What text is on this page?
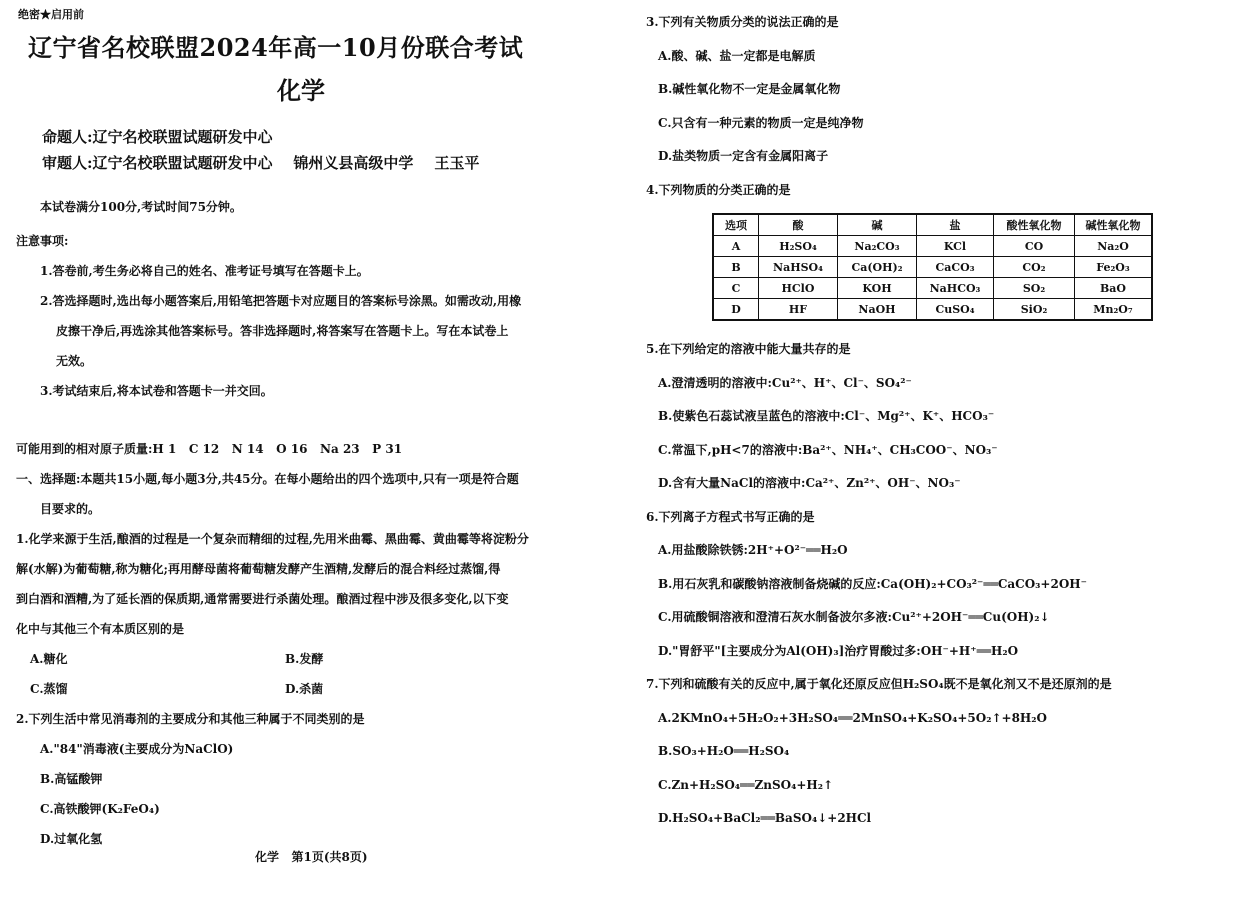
绝密★启用前
辽宁省名校联盟2024年高一10月份联合考试
化学
命题人:辽宁名校联盟试题研发中心
审题人:辽宁名校联盟试题研发中心    锦州义县高级中学    王玉平
本试卷满分100分,考试时间75分钟。
注意事项:
1.答卷前,考生务必将自己的姓名、准考证号填写在答题卡上。
2.答选择题时,选出每小题答案后,用铅笔把答题卡对应题目的答案标号涂黑。如需改动,用橡
皮擦干净后,再选涂其他答案标号。答非选择题时,将答案写在答题卡上。写在本试卷上
无效。
3.考试结束后,将本试卷和答题卡一并交回。
可能用到的相对原子质量:H 1   C 12   N 14   O 16   Na 23   P 31
一、选择题:本题共15小题,每小题3分,共45分。在每小题给出的四个选项中,只有一项是符合题
目要求的。
1.化学来源于生活,酿酒的过程是一个复杂而精细的过程,先用米曲霉、黑曲霉、黄曲霉等将淀粉分
解(水解)为葡萄糖,称为糖化;再用酵母菌将葡萄糖发酵产生酒精,发酵后的混合料经过蒸馏,得
到白酒和酒糟,为了延长酒的保质期,通常需要进行杀菌处理。酿酒过程中涉及很多变化,以下变
化中与其他三个有本质区别的是
A.糖化	B.发酵
C.蒸馏	D.杀菌
2.下列生活中常见消毒剂的主要成分和其他三种属于不同类别的是
A."84"消毒液(主要成分为NaClO)
B.高锰酸钾
C.高铁酸钾(K₂FeO₄)
D.过氧化氢
化学   第1页(共8页)
3.下列有关物质分类的说法正确的是
A.酸、碱、盐一定都是电解质
B.碱性氧化物不一定是金属氧化物
C.只含有一种元素的物质一定是纯净物
D.盐类物质一定含有金属阳离子
4.下列物质的分类正确的是
选项	酸	碱	盐	酸性氧化物	碱性氧化物
A	H₂SO₄	Na₂CO₃	KCl	CO	Na₂O
B	NaHSO₄	Ca(OH)₂	CaCO₃	CO₂	Fe₂O₃
C	HClO	KOH	NaHCO₃	SO₂	BaO
D	HF	NaOH	CuSO₄	SiO₂	Mn₂O₇
5.在下列给定的溶液中能大量共存的是
A.澄清透明的溶液中:Cu²⁺、H⁺、Cl⁻、SO₄²⁻
B.使紫色石蕊试液呈蓝色的溶液中:Cl⁻、Mg²⁺、K⁺、HCO₃⁻
C.常温下,pH<7的溶液中:Ba²⁺、NH₄⁺、CH₃COO⁻、NO₃⁻
D.含有大量NaCl的溶液中:Ca²⁺、Zn²⁺、OH⁻、NO₃⁻
6.下列离子方程式书写正确的是
A.用盐酸除铁锈:2H⁺+O²⁻══H₂O
B.用石灰乳和碳酸钠溶液制备烧碱的反应:Ca(OH)₂+CO₃²⁻══CaCO₃+2OH⁻
C.用硫酸铜溶液和澄清石灰水制备波尔多液:Cu²⁺+2OH⁻══Cu(OH)₂↓
D."胃舒平"[主要成分为Al(OH)₃]治疗胃酸过多:OH⁻+H⁺══H₂O
7.下列和硫酸有关的反应中,属于氧化还原反应但H₂SO₄既不是氧化剂又不是还原剂的是
A.2KMnO₄+5H₂O₂+3H₂SO₄══2MnSO₄+K₂SO₄+5O₂↑+8H₂O
B.SO₃+H₂O══H₂SO₄
C.Zn+H₂SO₄══ZnSO₄+H₂↑
D.H₂SO₄+BaCl₂══BaSO₄↓+2HCl
